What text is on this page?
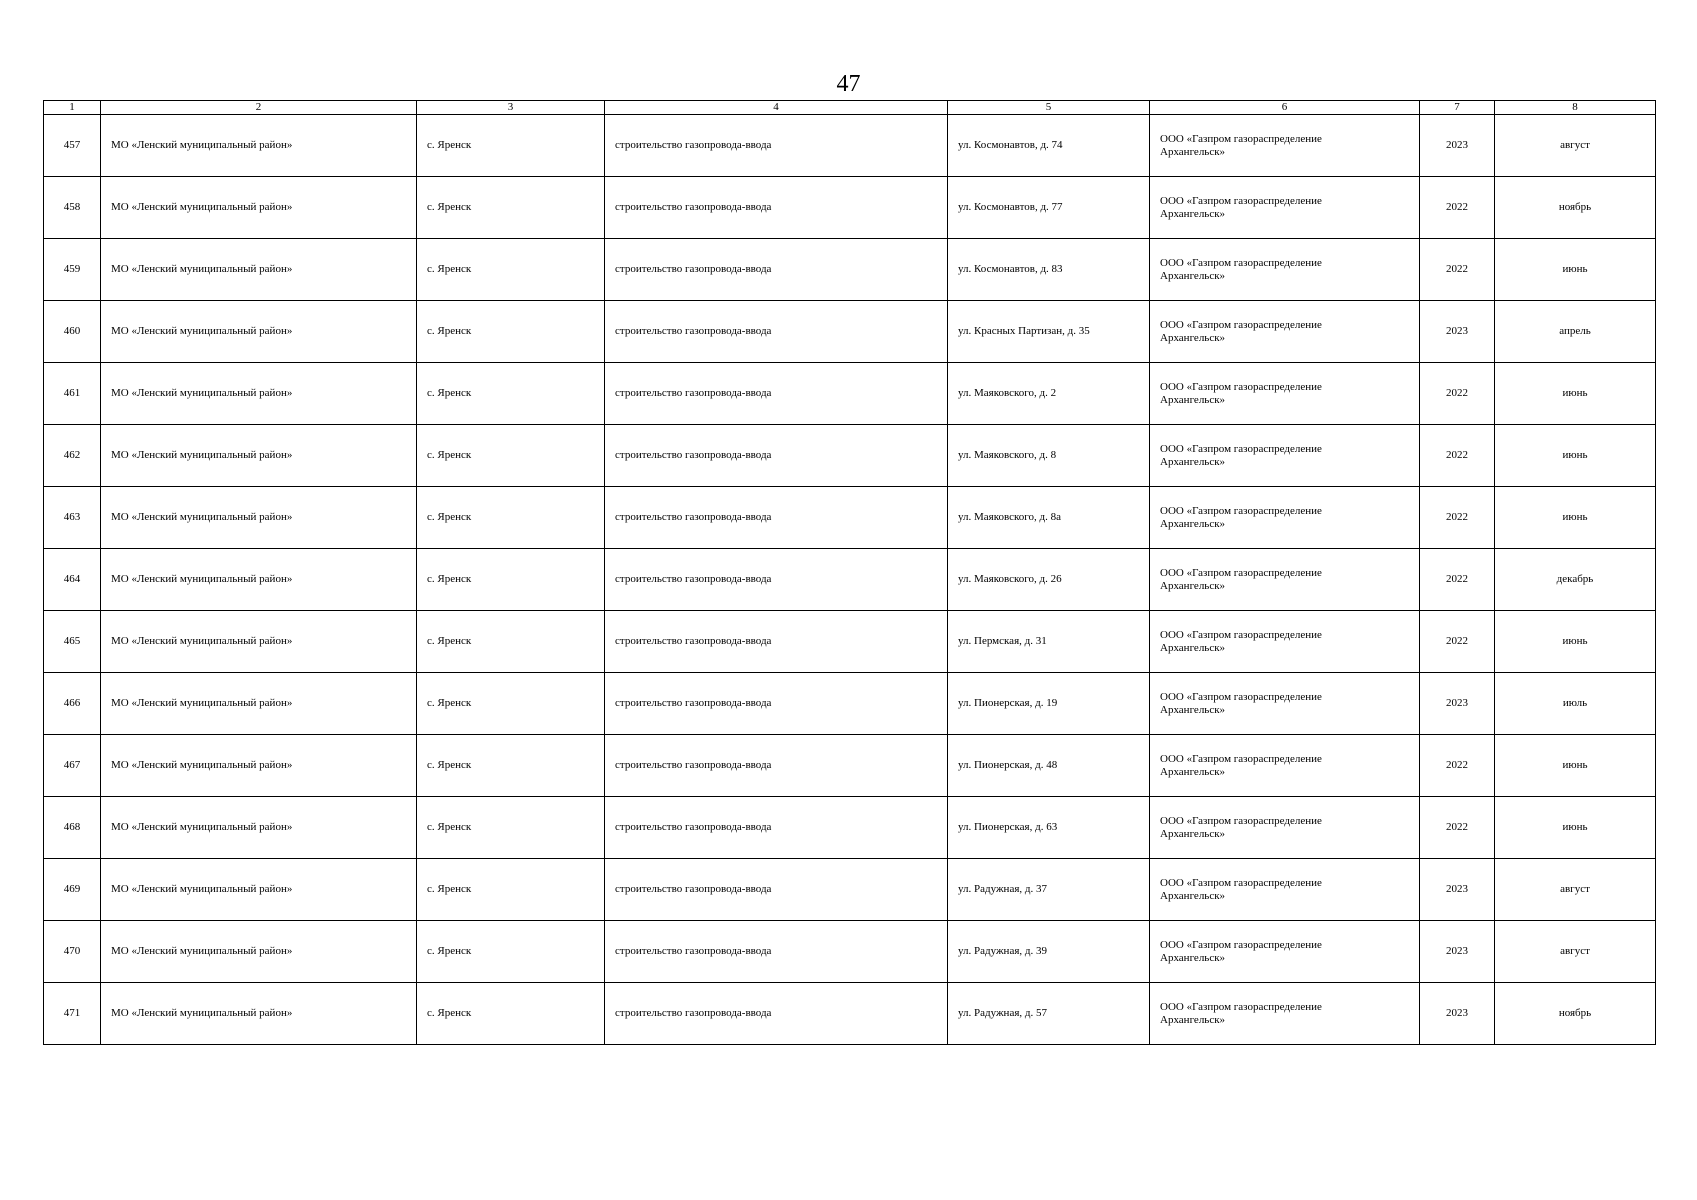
47
1	2	3	4	5	6	7	8
457	МО «Ленский муниципальный район»	с. Яренск	строительство газопровода-ввода	ул. Космонавтов, д. 74	ООО «Газпром газораспределение
Архангельск»	2023	август
458	МО «Ленский муниципальный район»	с. Яренск	строительство газопровода-ввода	ул. Космонавтов, д. 77	ООО «Газпром газораспределение
Архангельск»	2022	ноябрь
459	МО «Ленский муниципальный район»	с. Яренск	строительство газопровода-ввода	ул. Космонавтов, д. 83	ООО «Газпром газораспределение
Архангельск»	2022	июнь
460	МО «Ленский муниципальный район»	с. Яренск	строительство газопровода-ввода	ул. Красных Партизан, д. 35	ООО «Газпром газораспределение
Архангельск»	2023	апрель
461	МО «Ленский муниципальный район»	с. Яренск	строительство газопровода-ввода	ул. Маяковского, д. 2	ООО «Газпром газораспределение
Архангельск»	2022	июнь
462	МО «Ленский муниципальный район»	с. Яренск	строительство газопровода-ввода	ул. Маяковского, д. 8	ООО «Газпром газораспределение
Архангельск»	2022	июнь
463	МО «Ленский муниципальный район»	с. Яренск	строительство газопровода-ввода	ул. Маяковского, д. 8а	ООО «Газпром газораспределение
Архангельск»	2022	июнь
464	МО «Ленский муниципальный район»	с. Яренск	строительство газопровода-ввода	ул. Маяковского, д. 26	ООО «Газпром газораспределение
Архангельск»	2022	декабрь
465	МО «Ленский муниципальный район»	с. Яренск	строительство газопровода-ввода	ул. Пермская, д. 31	ООО «Газпром газораспределение
Архангельск»	2022	июнь
466	МО «Ленский муниципальный район»	с. Яренск	строительство газопровода-ввода	ул. Пионерская, д. 19	ООО «Газпром газораспределение
Архангельск»	2023	июль
467	МО «Ленский муниципальный район»	с. Яренск	строительство газопровода-ввода	ул. Пионерская, д. 48	ООО «Газпром газораспределение
Архангельск»	2022	июнь
468	МО «Ленский муниципальный район»	с. Яренск	строительство газопровода-ввода	ул. Пионерская, д. 63	ООО «Газпром газораспределение
Архангельск»	2022	июнь
469	МО «Ленский муниципальный район»	с. Яренск	строительство газопровода-ввода	ул. Радужная, д. 37	ООО «Газпром газораспределение
Архангельск»	2023	август
470	МО «Ленский муниципальный район»	с. Яренск	строительство газопровода-ввода	ул. Радужная, д. 39	ООО «Газпром газораспределение
Архангельск»	2023	август
471	МО «Ленский муниципальный район»	с. Яренск	строительство газопровода-ввода	ул. Радужная, д. 57	ООО «Газпром газораспределение
Архангельск»	2023	ноябрь
